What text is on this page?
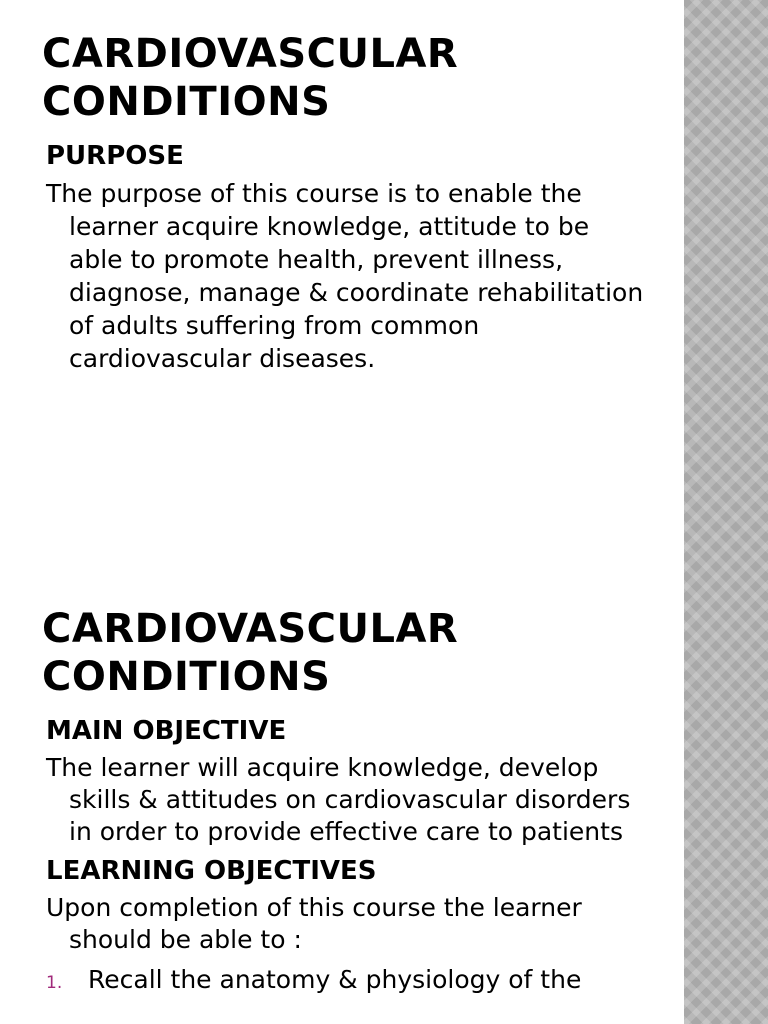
CARDIOVASCULAR CONDITIONS
PURPOSE

The purpose of this course is to enable the learner acquire knowledge, attitude to be able to promote health, prevent illness, diagnose, manage & coordinate rehabilitation of adults suffering from common cardiovascular diseases.

CARDIOVASCULAR CONDITIONS
MAIN OBJECTIVE

The learner will acquire knowledge, develop skills & attitudes on cardiovascular disorders in order to provide effective care to patients

LEARNING OBJECTIVES

Upon completion of this course the learner should be able to :

1.	Recall the anatomy & physiology of the
